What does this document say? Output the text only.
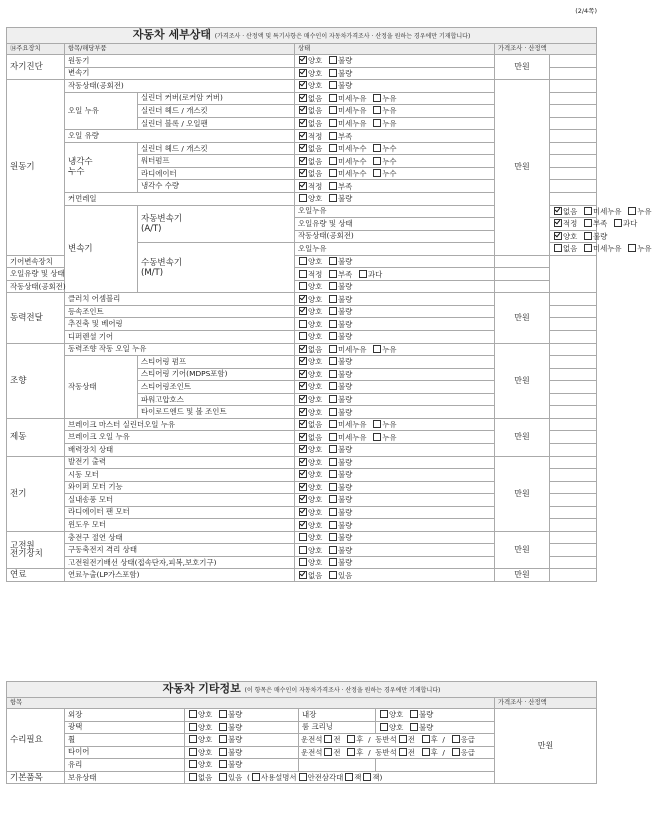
(2/4쪽)
자동차 세부상태 (가격조사 · 산정액 및 특기사항은 매수인이 자동차가격조사 · 산정을 원하는 경우에만 기재합니다)						
⑭주요장치	항목/해당부품		상태	가격조사 · 산정액		
자기진단	원동기		양호  불량	만원		
	변속기		양호  불량			
원동기	작동상태(공회전)		양호  불량	만원		
	오일 누유	실린더 커버(로커암 커버)	없음  미세누유  누유			
		실린더 헤드 / 개스킷	없음  미세누유  누유			
		실린더 블록 / 오일팬	없음  미세누유  누유			
	오일 유량		적정  부족			
	냉각수
누수	실린더 헤드 / 개스킷	없음  미세누수  누수			
		워터펌프	없음  미세누수  누수			
		라디에이터	없음  미세누수  누수			
		냉각수 수량	적정  부족			
	커먼레일		양호  불량			
	변속기	자동변속기
(A/T)	오일누유		없음  미세누유  누유		
			오일유량 및 상태		적정  부족  과다	
			작동상태(공회전)		양호  불량	
		수동변속기
(M/T)	오일누유		없음  미세누유  누유	
기어변속장치			양호  불량			
오일유량 및 상태			적정  부족  과다			
작동상태(공회전)			양호  불량			
동력전달	클러치 어셈블리		양호  불량	만원		
	등속조인트		양호  불량			
	추진축 및 베어링		양호  불량			
	디퍼렌셜 기어		양호  불량			
조향	동력조향 작동 오일 누유		없음  미세누유  누유	만원		
	작동상태	스티어링 펌프	양호  불량			
		스티어링 기어(MDPS포함)	양호  불량			
		스티어링조인트	양호  불량			
		파워고압호스	양호  불량			
		타이로드엔드 및 볼 조인트	양호  불량			
제동	브레이크 마스터 실린더오일 누유		없음  미세누유  누유	만원		
	브레이크 오일 누유		없음  미세누유  누유			
	배력장치 상태		양호  불량			
전기	발전기 출력		양호  불량	만원		
	시동 모터		양호  불량			
	와이퍼 모터 기능		양호  불량			
	실내송풍 모터		양호  불량			
	라디에이터 팬 모터		양호  불량			
	윈도우 모터		양호  불량			
고전원
전기장치	충전구 절연 상태		양호  불량	만원		
	구동축전지 격리 상태		양호  불량			
	고전원전기배선 상태(접속단자,피복,보호기구)		양호  불량			
연료	연료누출(LP가스포함)		없음  있음	만원		
자동차 기타정보 (이 항목은 매수인이 자동차가격조사 · 산정을 원하는 경우에만 기재합니다)					
항목					가격조사 · 산정액
수리필요	외장	양호  불량	내장	양호  불량	만원
	광택	양호  불량	룸 크리닝	양호  불량	
	휠	양호  불량	운전석 전  후  /  동반석 전  후  /  응급		
	타이어	양호  불량	운전석 전  후  /  동반석 전  후  /  응급		
	유리	양호  불량			
기본품목	보유상태	없음  있음  ( 사용설명서 안전삼각대 잭 잭)			
